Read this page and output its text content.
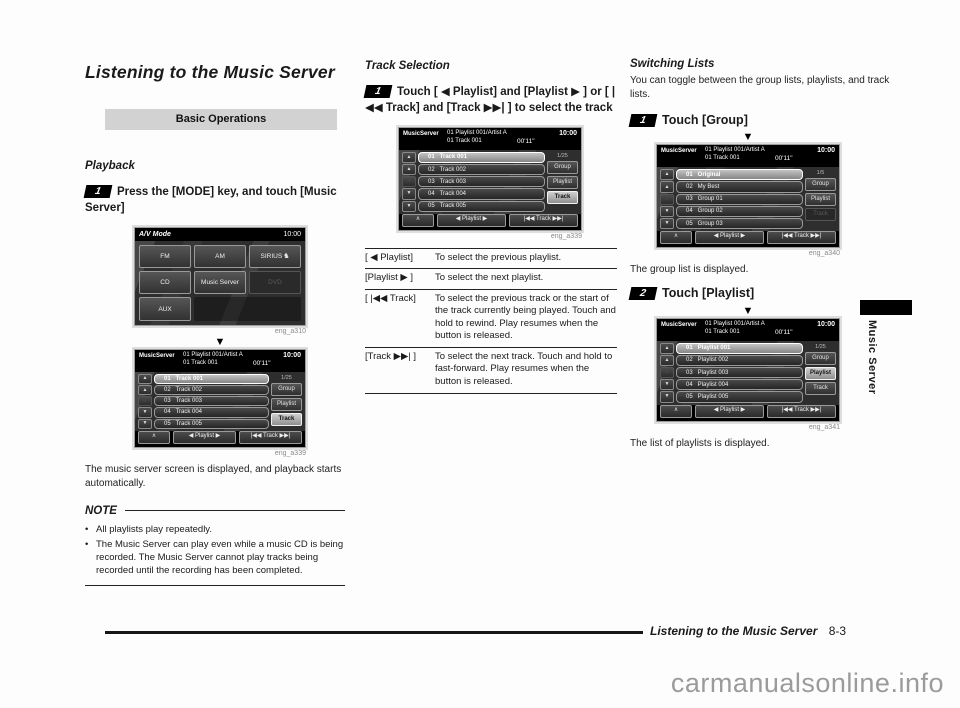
Listening to the Music Server
Basic Operations
Playback

1 Press the [MODE] key, and touch [Music Server]

A/V Mode	10:00
FM	AM	SIRIUS ♞
CD	Music Server	DVD
AUX
eng_a310
▼
MusicServer 01 Playlist 001/Artist A
01 Track 001	00'11"
10:00
▲
▲
⌂
▼
▼
01   Track 001
02   Track 002
03   Track 003
04   Track 004
05   Track 005
1/25
Group
Playlist
Track
∧	◀ Playlist ▶	|◀◀ Track ▶▶|
eng_a339

The music server screen is displayed, and playback starts automatically.

NOTE
• All playlists play repeatedly.
• The Music Server can play even while a music CD is being recorded. The Music Server cannot play tracks being recorded until the recording has been completed.
Track Selection

1 Touch [ ◀ Playlist] and [Playlist ▶ ] or [ |◀◀ Track] and [Track ▶▶| ] to select the track

MusicServer 01 Playlist 001/Artist A
01 Track 001	00'11"
10:00
▲
▲
⌂
▼
▼
01   Track 001
02   Track 002
03   Track 003
04   Track 004
05   Track 005
1/25
Group
Playlist
Track
∧	◀ Playlist ▶	|◀◀ Track ▶▶|
eng_a339
[ ◀ Playlist]	To select the previous playlist.
[Playlist ▶ ]	To select the next playlist.
[ |◀◀ Track]	To select the previous track or the start of the track currently being played. Touch and hold to rewind. Play resumes when the button is released.
[Track ▶▶| ]	To select the next track. Touch and hold to fast-forward. Play resumes when the button is released.
Switching Lists

You can toggle between the group lists, playlists, and track lists.

1 Touch [Group]

▼
MusicServer 01 Playlist 001/Artist A
01 Track 001	00'11"
10:00
▲
▲
⌂
▼
▼
01   Original
02   My Best
03   Group 01
04   Group 02
05   Group 03
1/5
Group
Playlist
Track
∧	◀ Playlist ▶	|◀◀ Track ▶▶|
eng_a340

The group list is displayed.

2 Touch [Playlist]

▼
MusicServer 01 Playlist 001/Artist A
01 Track 001	00'11"
10:00
▲
▲
⌂
▼
▼
01   Playlist 001
02   Playlist 002
03   Playlist 003
04   Playlist 004
05   Playlist 005
1/25
Group
Playlist
Track
∧	◀ Playlist ▶	|◀◀ Track ▶▶|
eng_a341

The list of playlists is displayed.

Music Server
Listening to the Music Server 8-3
carmanualsonline.info
